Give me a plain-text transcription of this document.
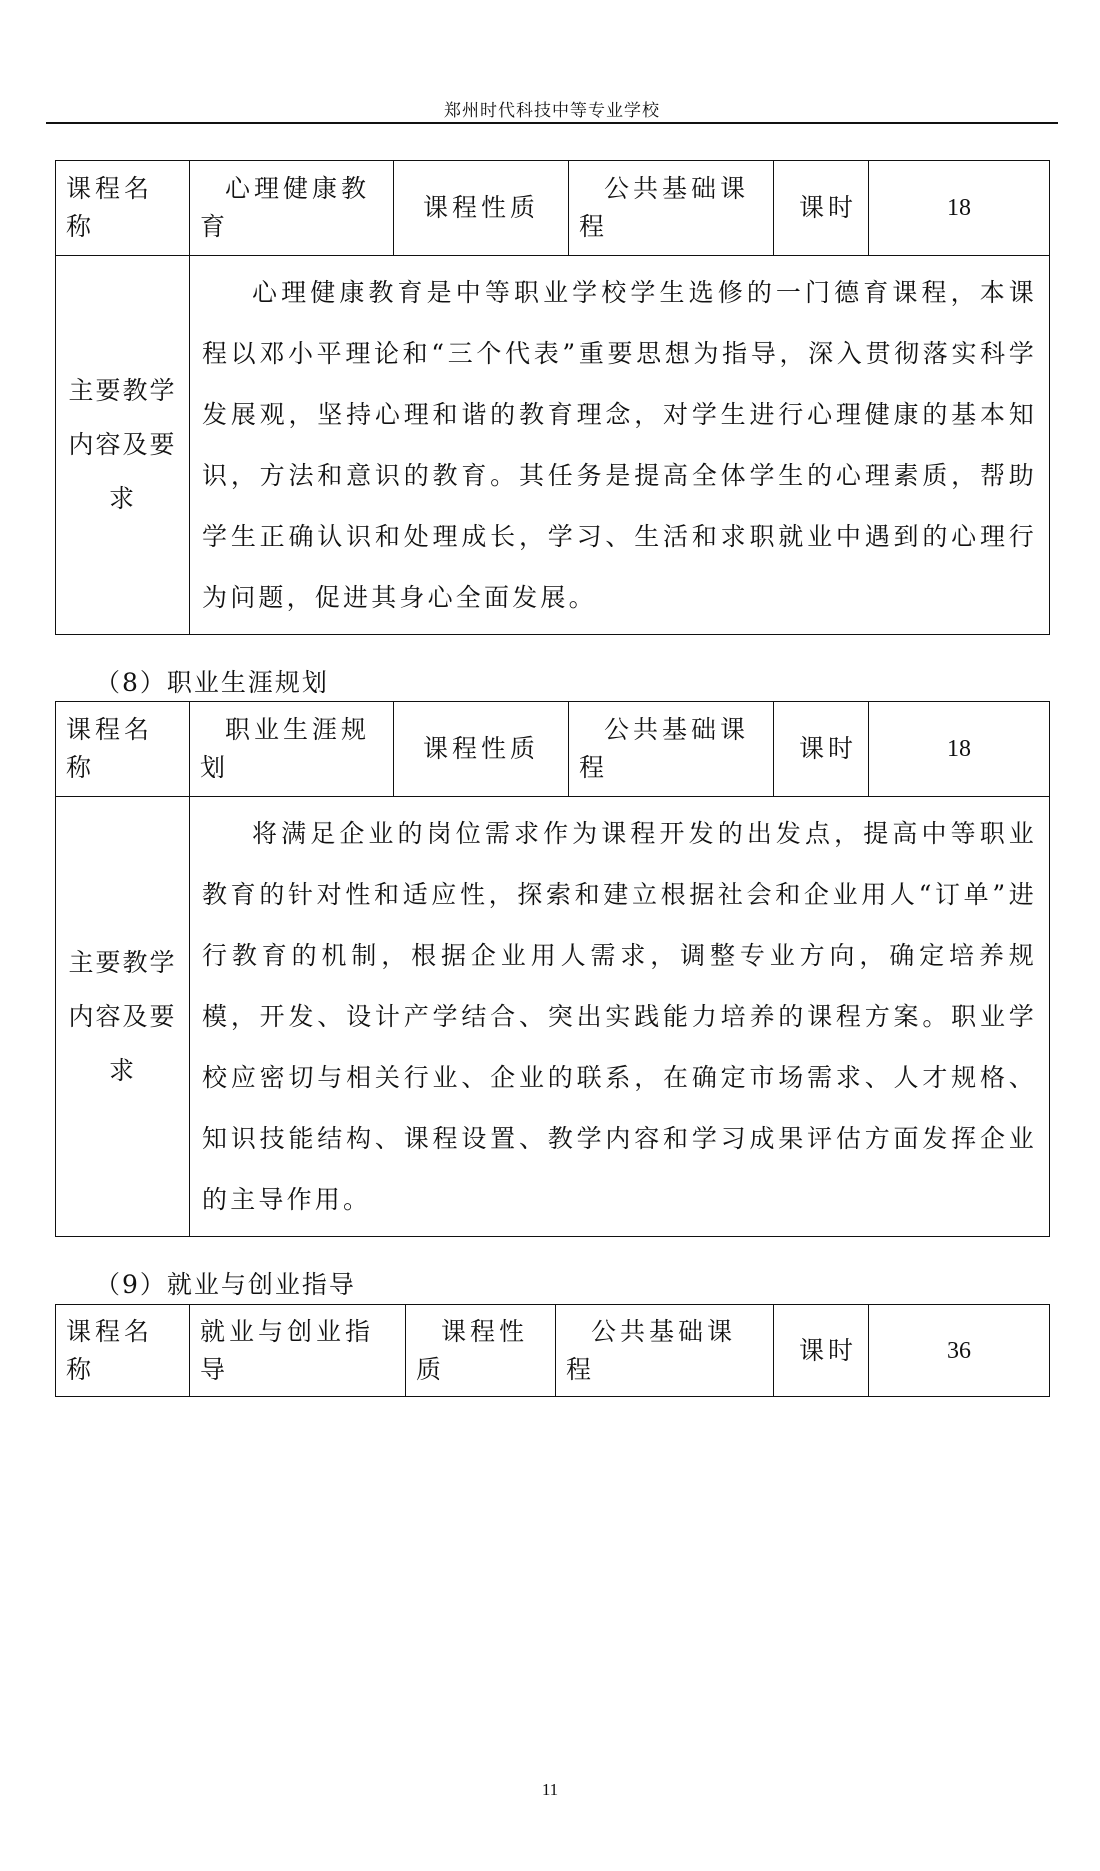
郑州时代科技中等专业学校
课程名称	心理健康教育	课程性质	公共基础课程	课时	18
主要教学内容及要求	心理健康教育是中等职业学校学生选修的一门德育课程，本课程以邓小平理论和“三个代表”重要思想为指导，深入贯彻落实科学发展观，坚持心理和谐的教育理念，对学生进行心理健康的基本知识，方法和意识的教育。其任务是提高全体学生的心理素质，帮助学生正确认识和处理成长，学习、生活和求职就业中遇到的心理行为问题，促进其身心全面发展。				
（8）职业生涯规划
课程名称	职业生涯规划	课程性质	公共基础课程	课时	18
主要教学内容及要求	将满足企业的岗位需求作为课程开发的出发点，提高中等职业教育的针对性和适应性，探索和建立根据社会和企业用人“订单”进行教育的机制，根据企业用人需求，调整专业方向，确定培养规模，开发、设计产学结合、突出实践能力培养的课程方案。职业学校应密切与相关行业、企业的联系，在确定市场需求、人才规格、知识技能结构、课程设置、教学内容和学习成果评估方面发挥企业的主导作用。				
（9）就业与创业指导
课程名称	就业与创业指导	课程性质	公共基础课程	课时	36
11
